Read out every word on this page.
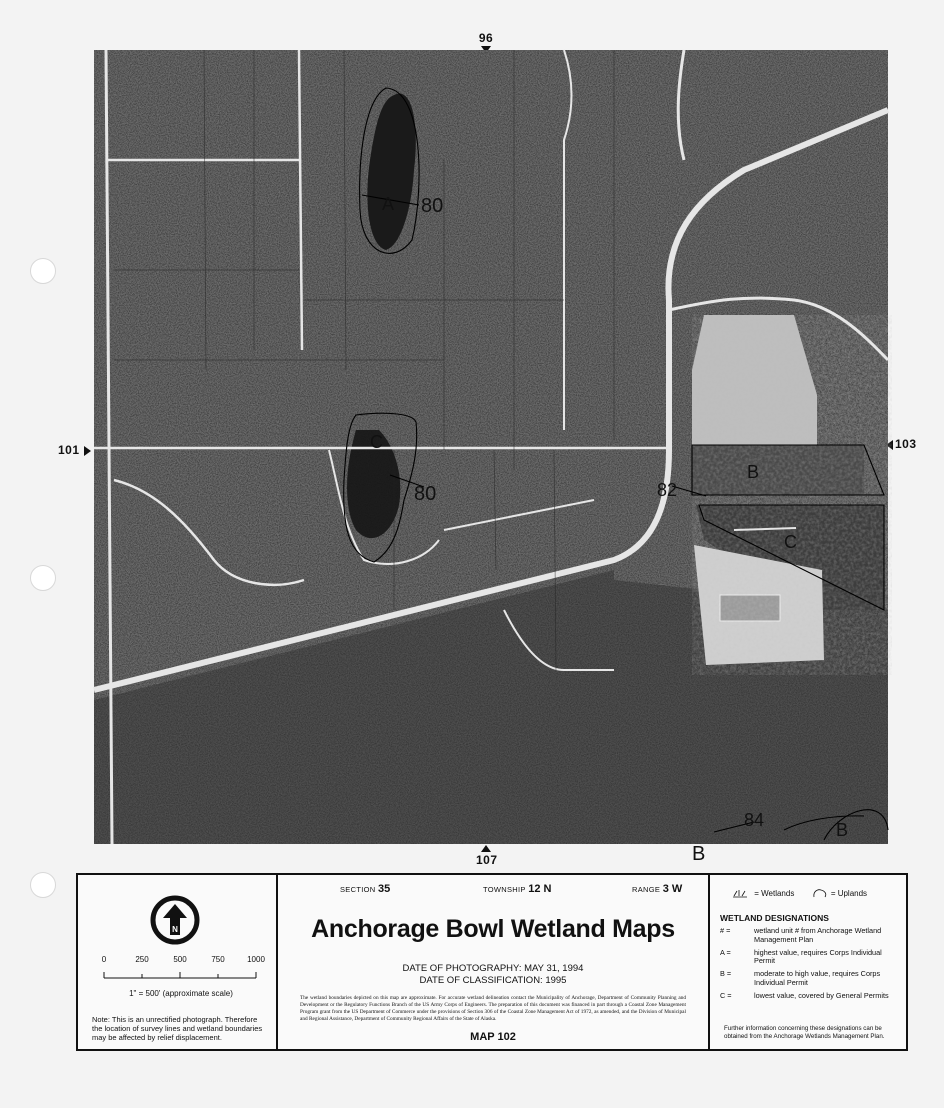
96
107
101	103
A 80
C
80
B
82
C
B
84	B
N
0	250	500	750	1000
1" = 500' (approximate scale)
Note: This is an unrectified photograph. Therefore the location of survey lines and wetland boundaries may be affected by relief displacement.
SECTION 35	TOWNSHIP 12 N	RANGE 3 W
Anchorage Bowl Wetland Maps
DATE OF PHOTOGRAPHY: MAY 31, 1994
DATE OF CLASSIFICATION: 1995
The wetland boundaries depicted on this map are approximate. For accurate wetland delineation contact the Municipality of Anchorage, Department of Community Planning and Development or the Regulatory Functions Branch of the US Army Corps of Engineers. The preparation of this document was financed in part through a Coastal Zone Management Program grant from the US Department of Commerce under the provisions of Section 306 of the Coastal Zone Management Act of 1972, as amended, and the Division of Municipal and Regional Assistance, Department of Community Regional Affairs of the State of Alaska.
MAP 102
= Wetlands	= Uplands
WETLAND DESIGNATIONS
# =	wetland unit # from Anchorage Wetland Management Plan
A =	highest value, requires Corps Individual Permit
B =	moderate to high value, requires Corps Individual Permit
C =	lowest value, covered by General Permits
Further information concerning these designations can be obtained from the Anchorage Wetlands Management Plan.
